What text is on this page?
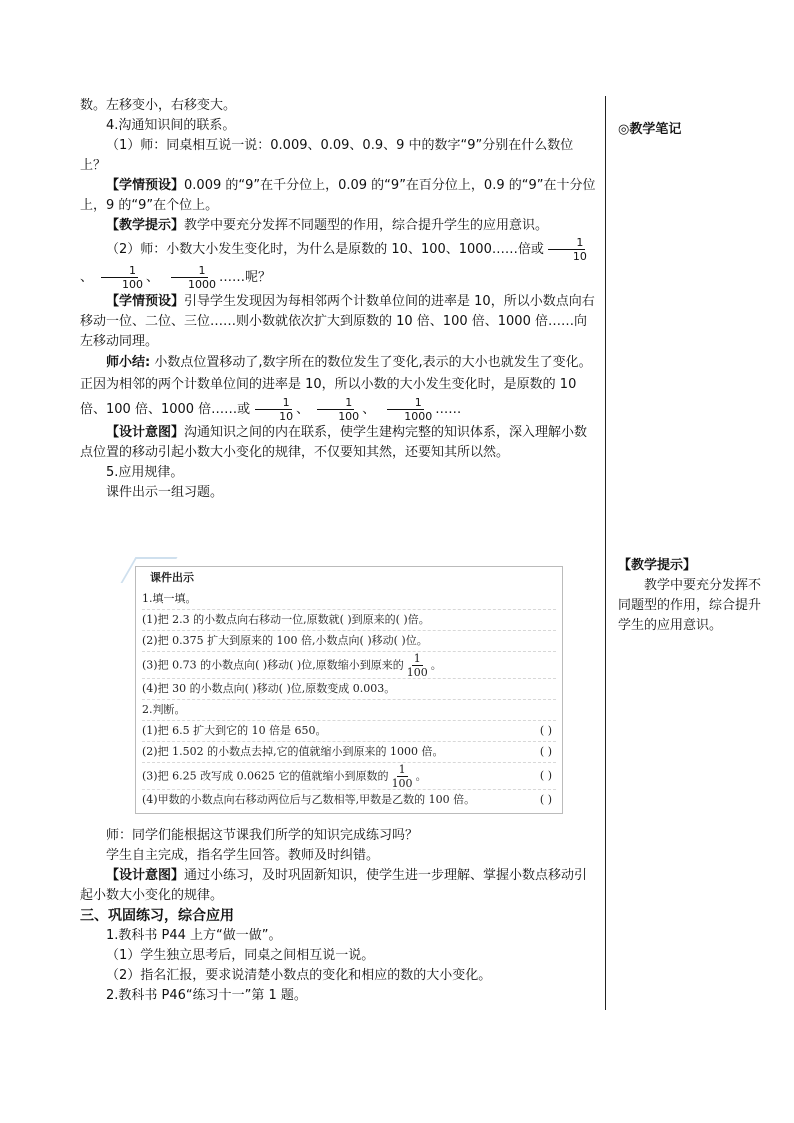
数。左移变小，右移变大。

4.沟通知识间的联系。

（1）师：同桌相互说一说：0.009、0.09、0.9、9 中的数字“9”分别在什么数位上？

【学情预设】0.009 的“9”在千分位上，0.09 的“9”在百分位上，0.9 的“9”在十分位上，9 的“9”在个位上。

【教学提示】教学中要充分发挥不同题型的作用，综合提升学生的应用意识。

（2）师：小数大小发生变化时，为什么是原数的 10、100、1000……倍或 $\frac{1}{10}$
、 $\frac{1}{100}$ 、 $\frac{1}{1000}$ ……呢？

【学情预设】引导学生发现因为每相邻两个计数单位间的进率是 10，所以小数点向右移动一位、二位、三位……则小数就依次扩大到原数的 10 倍、100 倍、1000 倍……向左移动同理。

师小结: 小数点位置移动了,数字所在的数位发生了变化,表示的大小也就发生了变化。正因为相邻的两个计数单位间的进率是 10，所以小数的大小发生变化时，是原数的 10 倍、100 倍、1000 倍……或 $\frac{1}{10}$ 、 $\frac{1}{100}$ 、 $\frac{1}{1000}$ ……

【设计意图】沟通知识之间的内在联系，使学生建构完整的知识体系，深入理解小数点位置的移动引起小数大小变化的规律，不仅要知其然，还要知其所以然。

5.应用规律。

课件出示一组习题。

师：同学们能根据这节课我们所学的知识完成练习吗？

学生自主完成，指名学生回答。教师及时纠错。

【设计意图】通过小练习，及时巩固新知识，使学生进一步理解、掌握小数点移动引起小数大小变化的规律。

三、巩固练习，综合应用

1.教科书 P44 上方“做一做”。

（1）学生独立思考后，同桌之间相互说一说。

（2）指名汇报，要求说清楚小数点的变化和相应的数的大小变化。

2.教科书 P46“练习十一”第 1 题。

◎教学笔记
【教学提示】
教学中要充分发挥不同题型的作用，综合提升学生的应用意识。
课件出示
1.填一填。
(1)把 2.3 的小数点向右移动一位,原数就( )到原来的( )倍。
(2)把 0.375 扩大到原来的 100 倍,小数点向( )移动( )位。
(3)把 0.73 的小数点向( )移动( )位,原数缩小到原来的 $\frac{1}{100}$ 。
(4)把 30 的小数点向( )移动( )位,原数变成 0.003。
2.判断。
(1)把 6.5 扩大到它的 10 倍是 650。	( )
(2)把 1.502 的小数点去掉,它的值就缩小到原来的 1000 倍。	( )
(3)把 6.25 改写成 0.0625 它的值就缩小到原数的 $\frac{1}{100}$ 。	( )
(4)甲数的小数点向右移动两位后与乙数相等,甲数是乙数的 100 倍。	( )
